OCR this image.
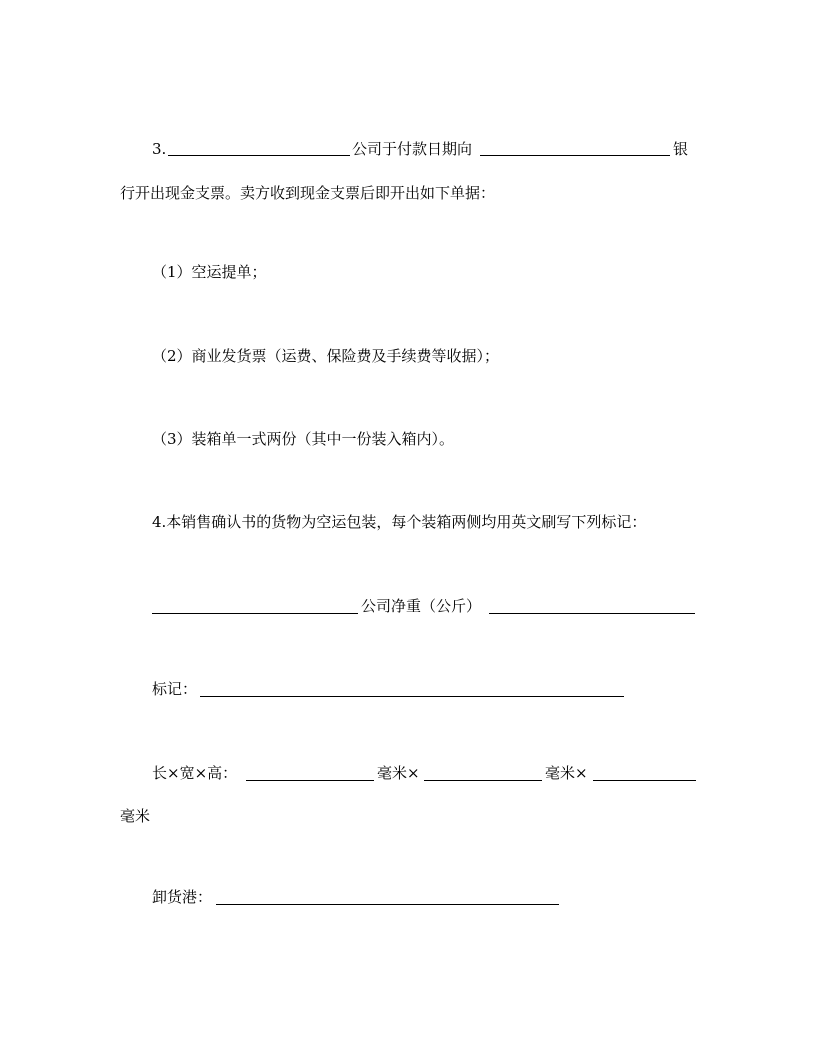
3.	公司于付款日期向	银
行开出现金支票。卖方收到现金支票后即开出如下单据：
（1）空运提单；
（2）商业发货票（运费、保险费及手续费等收据）；
（3）装箱单一式两份（其中一份装入箱内）。
4.本销售确认书的货物为空运包装，每个装箱两侧均用英文刷写下列标记：
公司净重（公斤）
标记：
长×宽×高：	毫米×	毫米×
毫米
卸货港：
